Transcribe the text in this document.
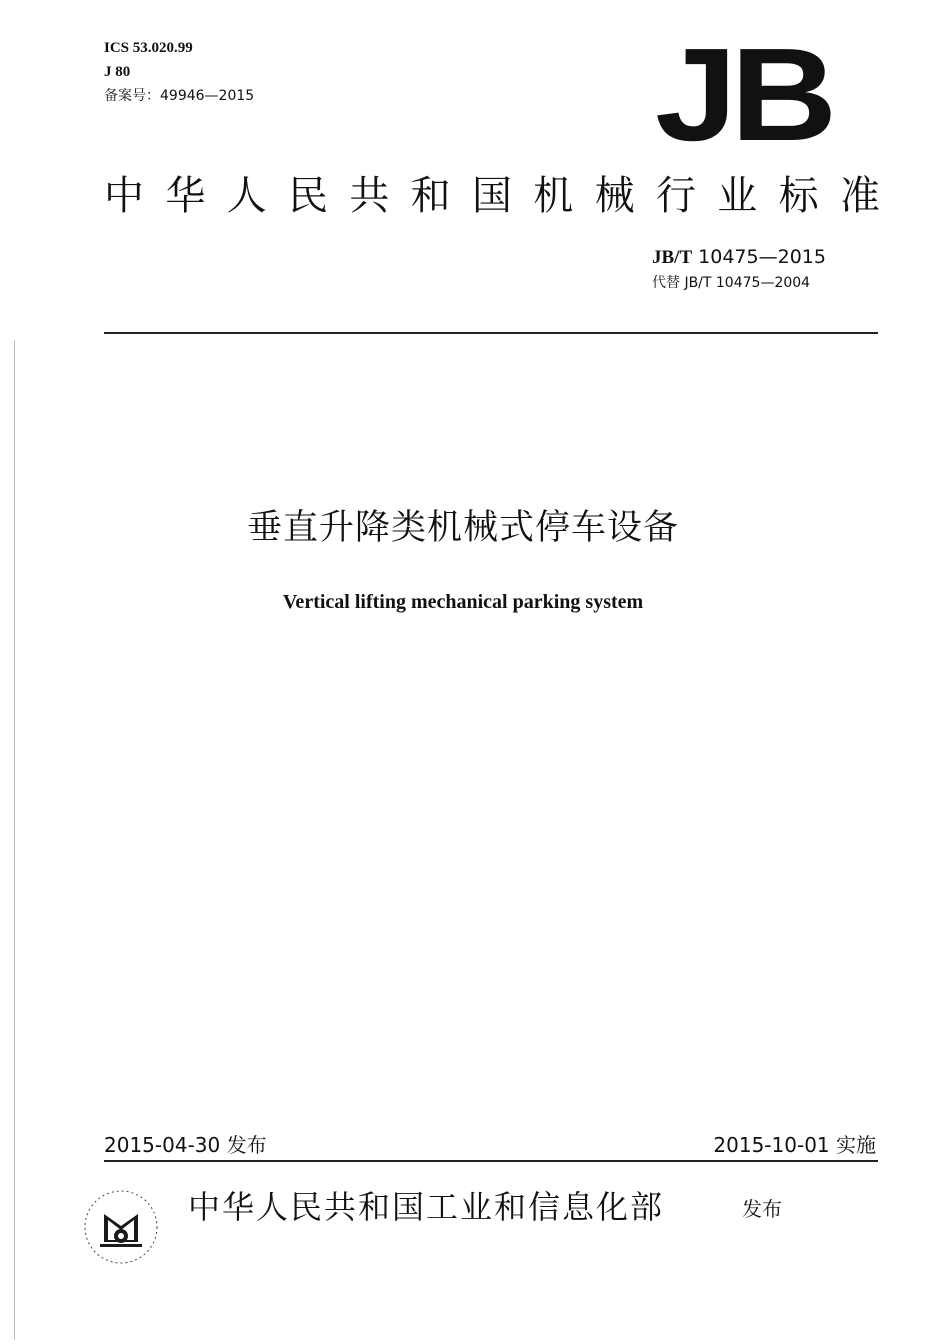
ICS 53.020.99
J 80
备案号：49946—2015	JB
中 华 人 民 共 和 国 机 械 行 业 标 准
JB/T 10475—2015
代替 JB/T 10475—2004
垂直升降类机械式停车设备
Vertical lifting mechanical parking system
2015-04-30 发布	2015-10-01 实施
中华人民共和国工业和信息化部	发布
